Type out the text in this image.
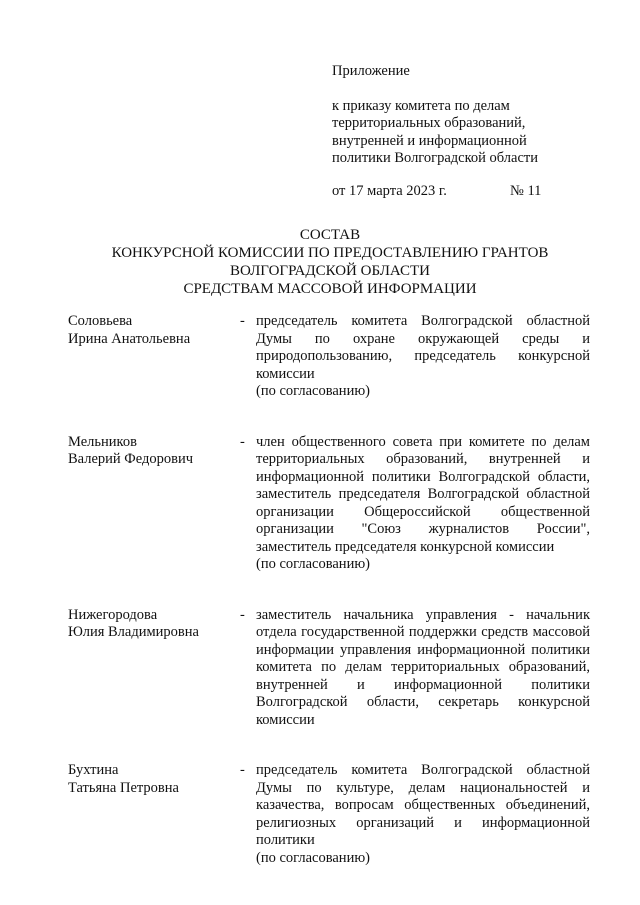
Приложение
к приказу комитета по делам
территориальных образований,
внутренней и информационной
политики Волгоградской области
от 17 марта 2023 г.	№ 11
СОСТАВ
КОНКУРСНОЙ КОМИССИИ ПО ПРЕДОСТАВЛЕНИЮ ГРАНТОВ
ВОЛГОГРАДСКОЙ ОБЛАСТИ
СРЕДСТВАМ МАССОВОЙ ИНФОРМАЦИИ
Соловьева
Ирина Анатольевна
- председатель комитета Волгоградской областной Думы по охране окружающей среды и природопользованию, председатель конкурсной комиссии
(по согласованию)
Мельников
Валерий Федорович
- член общественного совета при комитете по делам территориальных образований, внутренней и информационной политики Волгоградской области, заместитель председателя Волгоградской областной организации Общероссийской общественной организации "Союз журналистов России", заместитель председателя конкурсной комиссии
(по согласованию)
Нижегородова
Юлия Владимировна
- заместитель начальника управления - начальник отдела государственной поддержки средств массовой информации управления информационной политики комитета по делам территориальных образований, внутренней и информационной политики Волгоградской области, секретарь конкурсной комиссии
Бухтина
Татьяна Петровна
- председатель комитета Волгоградской областной Думы по культуре, делам национальностей и казачества, вопросам общественных объединений, религиозных организаций и информационной политики
(по согласованию)
